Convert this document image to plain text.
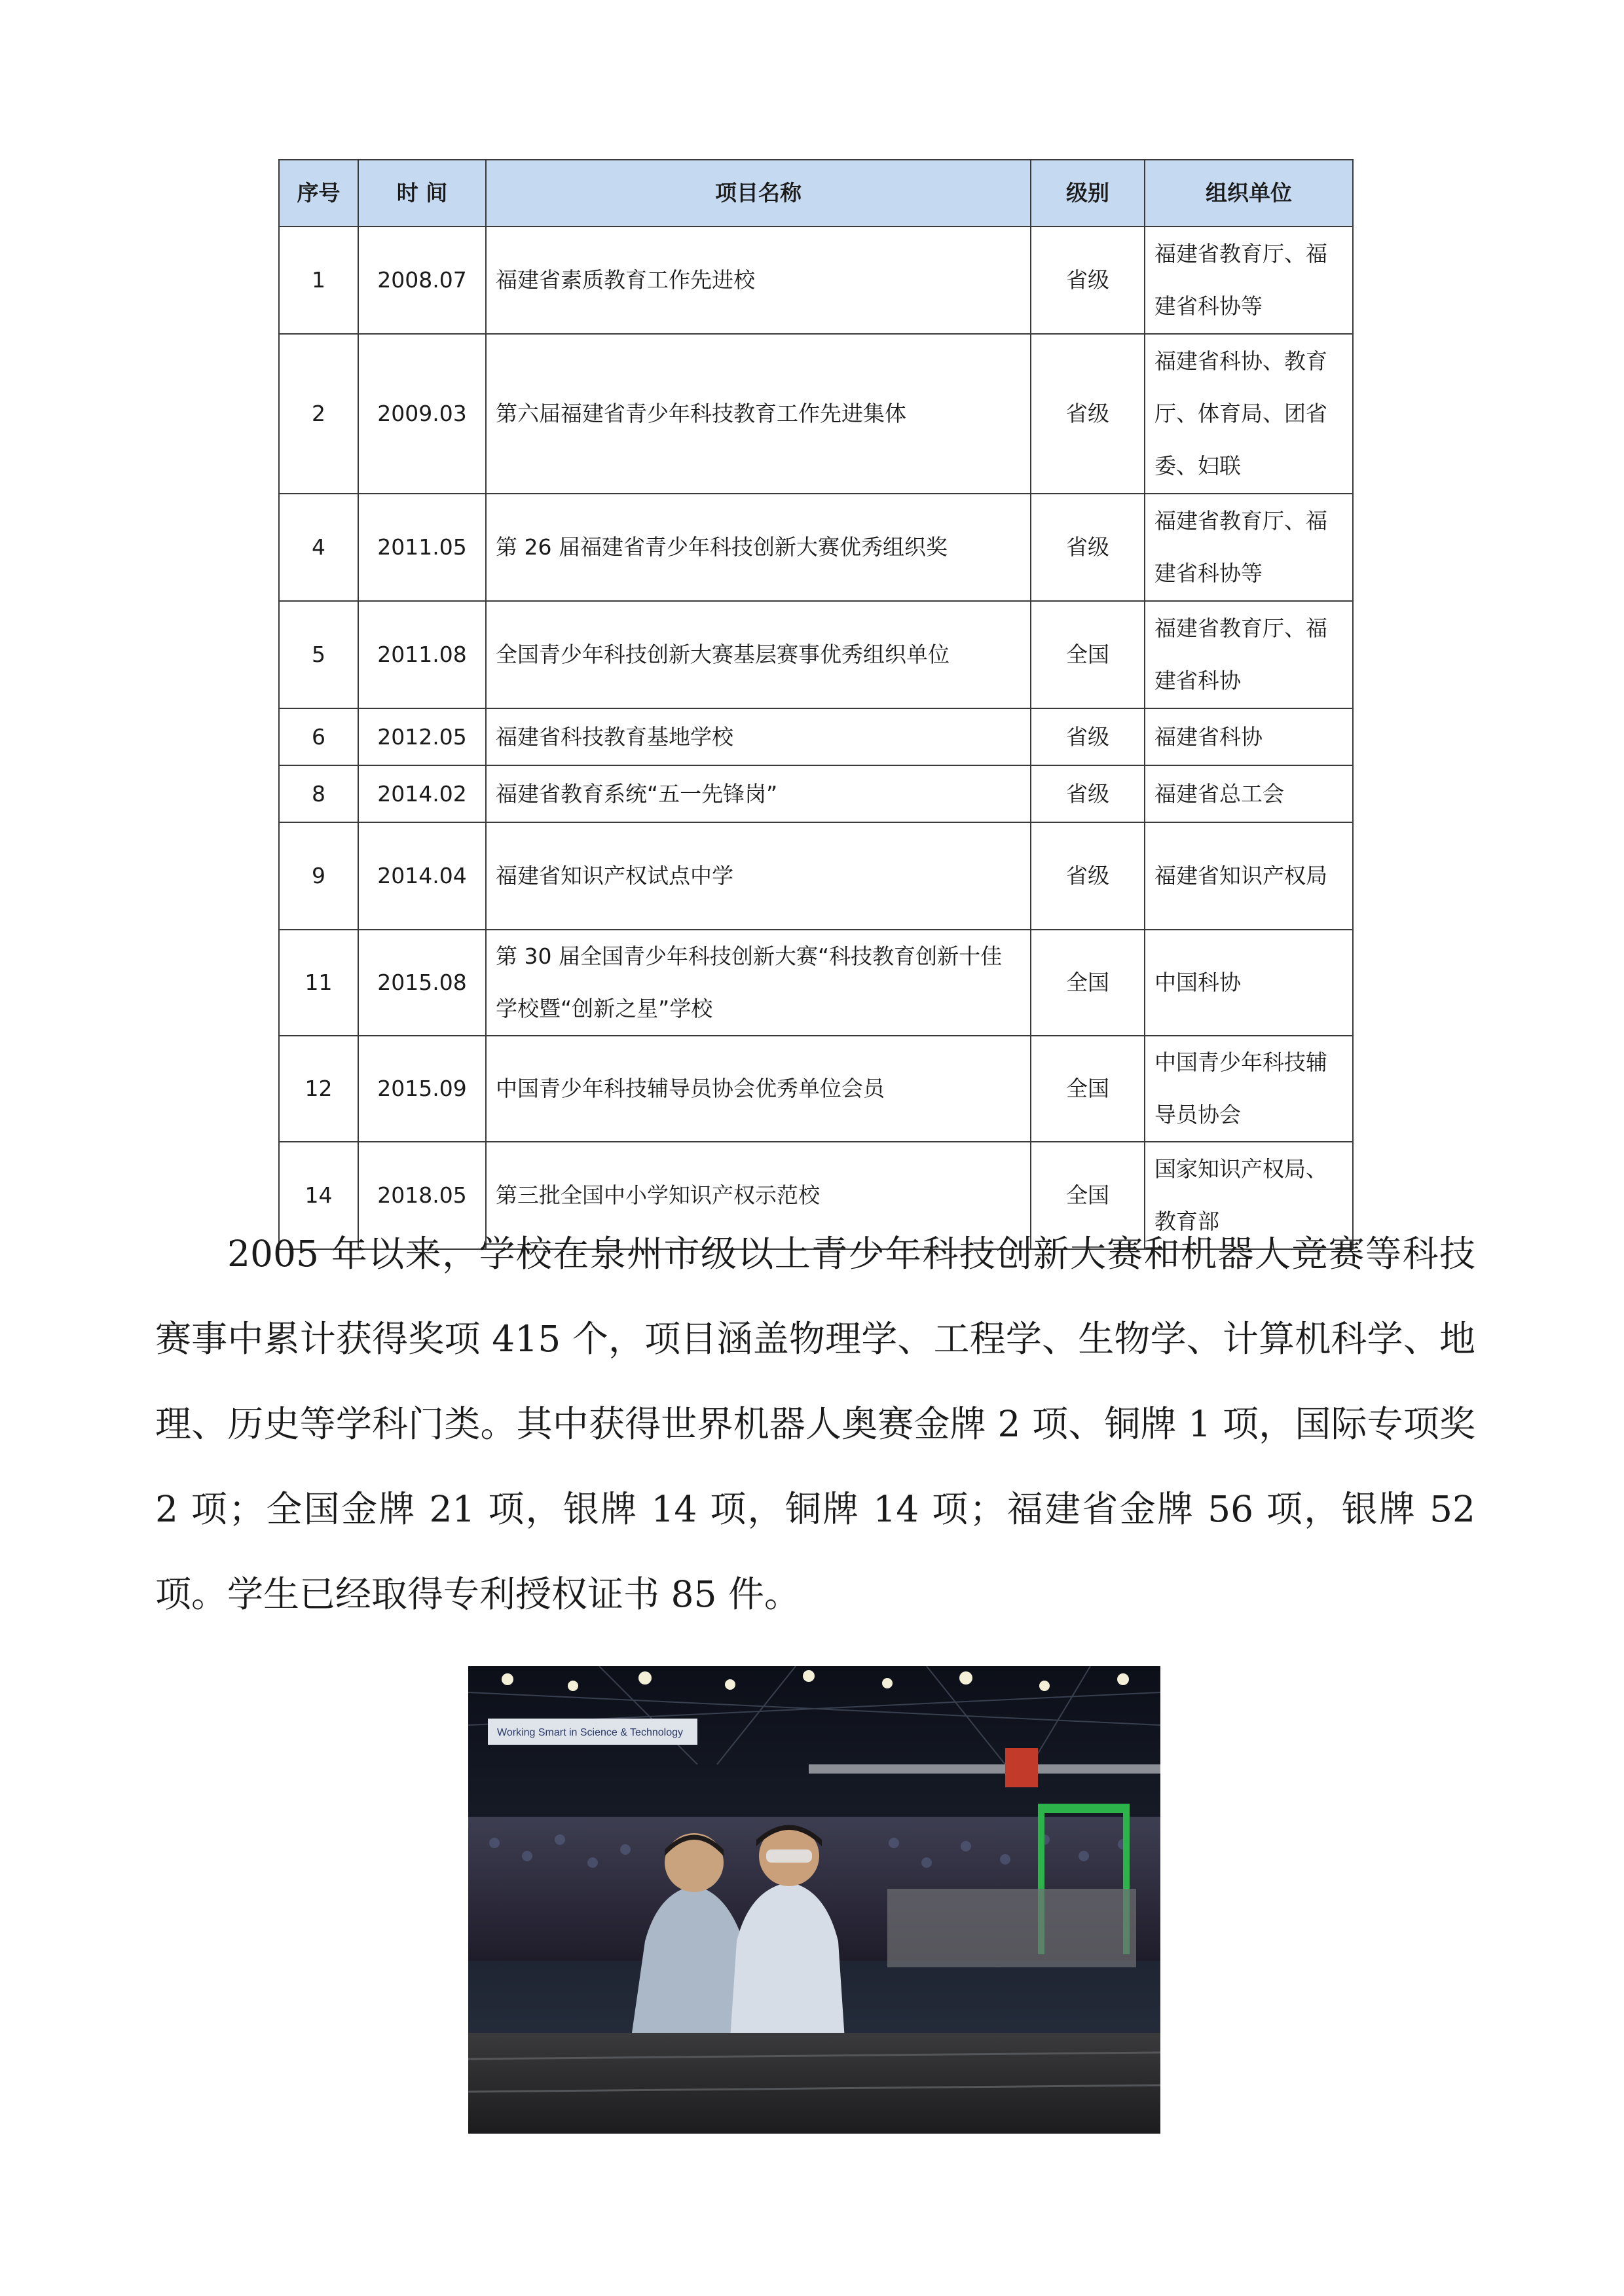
序号	时 间	项目名称	级别	组织单位
1	2008.07	福建省素质教育工作先进校	省级	福建省教育厅、福建省科协等
2	2009.03	第六届福建省青少年科技教育工作先进集体	省级	福建省科协、教育厅、体育局、团省委、妇联
4	2011.05	第 26 届福建省青少年科技创新大赛优秀组织奖	省级	福建省教育厅、福建省科协等
5	2011.08	全国青少年科技创新大赛基层赛事优秀组织单位	全国	福建省教育厅、福建省科协
6	2012.05	福建省科技教育基地学校	省级	福建省科协
8	2014.02	福建省教育系统“五一先锋岗”	省级	福建省总工会
9	2014.04	福建省知识产权试点中学	省级	福建省知识产权局
11	2015.08	第 30 届全国青少年科技创新大赛“科技教育创新十佳学校暨“创新之星”学校	全国	中国科协
12	2015.09	中国青少年科技辅导员协会优秀单位会员	全国	中国青少年科技辅导员协会
14	2018.05	第三批全国中小学知识产权示范校	全国	国家知识产权局、教育部

2005 年以来，学校在泉州市级以上青少年科技创新大赛和机器人竞赛等科技赛事中累计获得奖项 415 个，项目涵盖物理学、工程学、生物学、计算机科学、地理、历史等学科门类。其中获得世界机器人奥赛金牌 2 项、铜牌 1 项，国际专项奖 2 项；全国金牌 21 项，银牌 14 项，铜牌 14 项；福建省金牌 56 项，银牌 52 项。 学生已经取得专利授权证书 85 件。

Working Smart in Science & Technology
